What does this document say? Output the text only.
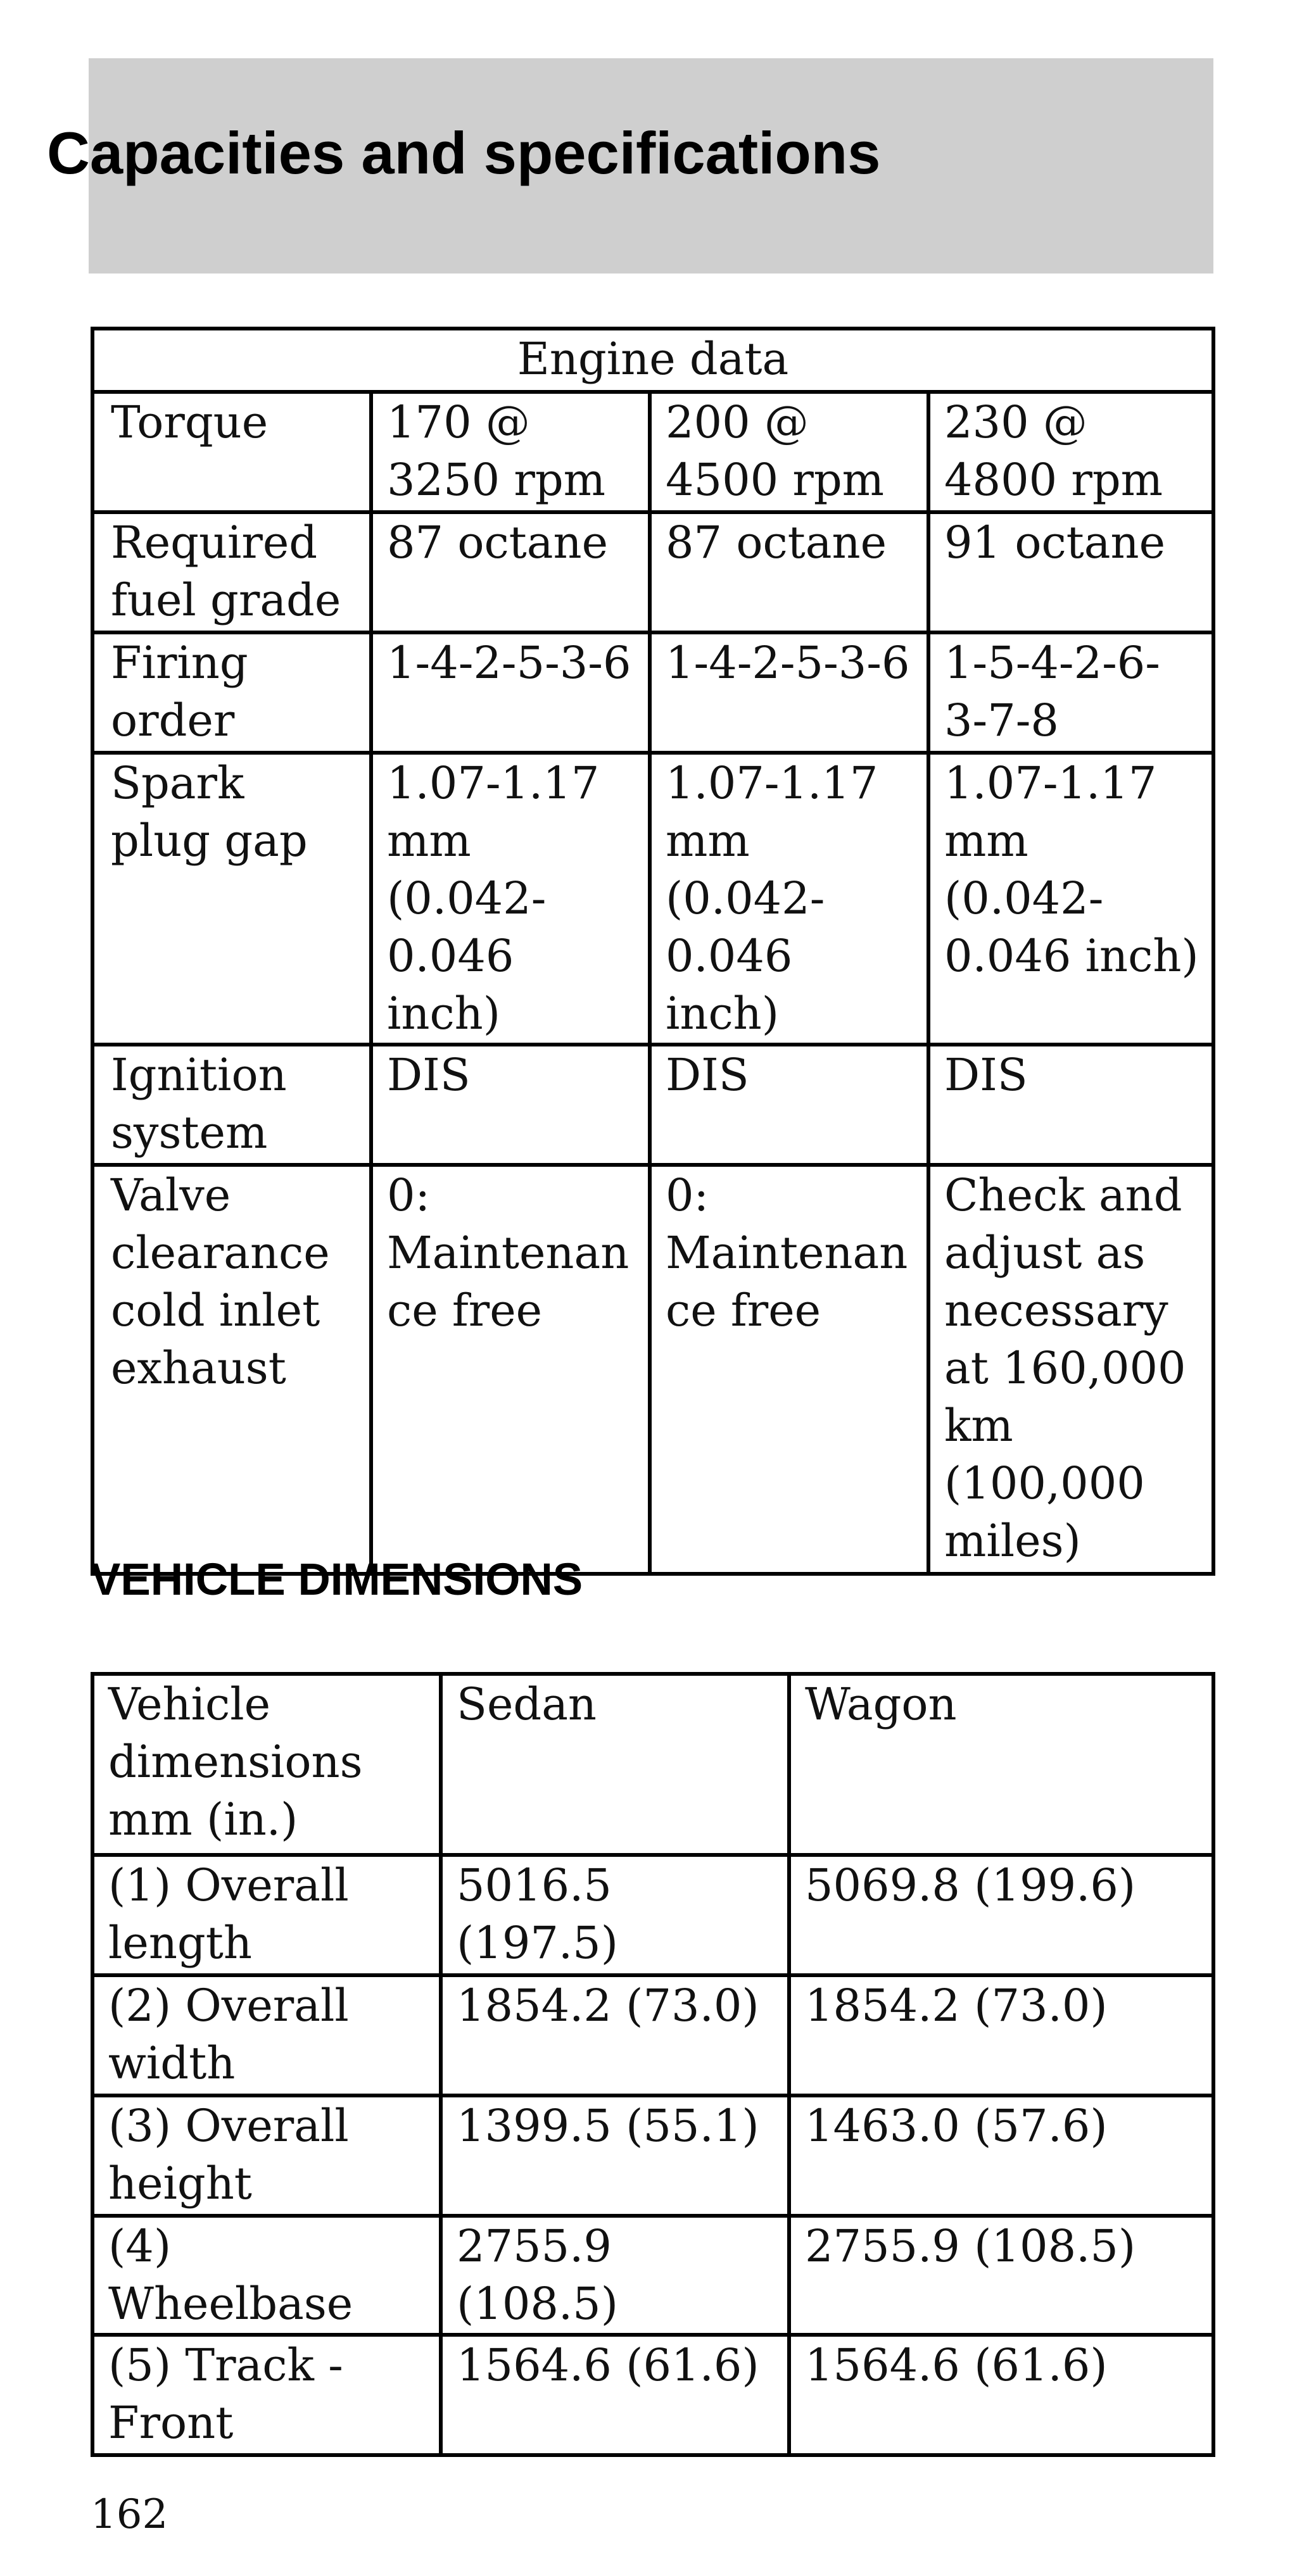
Capacities and specifications
Engine data			
Torque	170 @ 3250 rpm	200 @ 4500 rpm	230 @ 4800 rpm
Required fuel grade	87 octane	87 octane	91 octane
Firing order	1-4-2-5-3-6	1-4-2-5-3-6	1-5-4-2-6-3-7-8
Spark plug gap	1.07-1.17 mm (0.042-0.046 inch)	1.07-1.17 mm (0.042-0.046 inch)	1.07-1.17 mm (0.042-0.046 inch)
Ignition system	DIS	DIS	DIS
Valve clearance cold inlet exhaust	0: Maintenance free	0: Maintenance free	Check and adjust as necessary at 160,000 km (100,000 miles)
VEHICLE DIMENSIONS
Vehicle dimensions mm (in.)	Sedan	Wagon
(1) Overall length	5016.5 (197.5)	5069.8 (199.6)
(2) Overall width	1854.2 (73.0)	1854.2 (73.0)
(3) Overall height	1399.5 (55.1)	1463.0 (57.6)
(4) Wheelbase	2755.9 (108.5)	2755.9 (108.5)
(5) Track - Front	1564.6 (61.6)	1564.6 (61.6)
162
